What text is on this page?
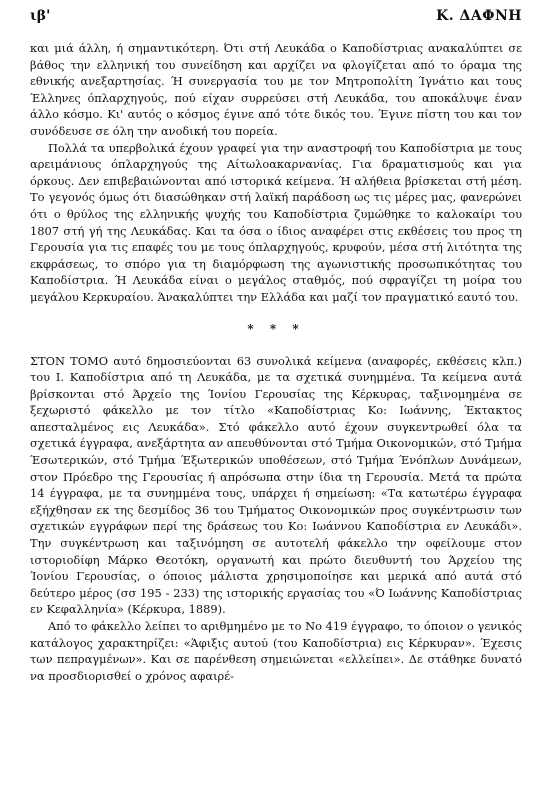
ιβ'	Κ. ΔΑΦΝΗ

και μιά άλλη, ή σημαντικότερη. Ότι στή Λευκάδα ο Καποδίστριας ανακαλύπτει σε βάθος την ελληνική του συνείδηση και αρχίζει να φλογίζεται από το όραμα της εθνικής ανεξαρτησίας. Ή συνεργασία του με τον Μητροπολίτη Ίγνάτιο και τους Έλληνες όπλαρχηγούς, πού είχαν συρρεύσει στή Λευκάδα, του αποκάλυψε έναν άλλο κόσμο. Κι' αυτός ο κόσμος έγινε από τότε δικός του. Έγινε πίστη του και τον συνόδευσε σε όλη την ανοδική του πορεία.

Πολλά τα υπερβολικά έχουν γραφεί για την αναστροφή του Καποδίστρια με τους αρειμάνιους όπλαρχηγούς της Αίτωλοακαρνανίας. Για δραματισμούς και για όρκους. Δεν επιβεβαιώνονται από ιστορικά κείμενα. Ή αλήθεια βρίσκεται στή μέση. Το γεγονός όμως ότι διασώθηκαν στή λαϊκή παράδοση ως τις μέρες μας, φανερώνει ότι ο θρύλος της ελληνικής ψυχής του Καποδίστρια ζυμώθηκε το καλοκαίρι του 1807 στή γή της Λευκάδας. Και τα όσα ο ίδιος αναφέρει στις εκθέσεις του προς τη Γερουσία για τις επαφές του με τους όπλαρχηγούς, κρυφούν, μέσα στή λιτότητα της εκφράσεως, το σπόρο για τη διαμόρφωση της αγωνιστικής προσωπικότητας του Καποδίστρια. Ή Λευκάδα είναι ο μεγάλος σταθμός, πού σφραγίζει τη μοίρα του μεγάλου Κερκυραίου. Άνακαλύπτει την Ελλάδα και μαζί τον πραγματικό εαυτό του.

* * *

ΣΤΟΝ ΤΟΜΟ αυτό δημοσιεύονται 63 συνολικά κείμενα (αναφορές, εκθέσεις κλπ.) του Ι. Καποδίστρια από τη Λευκάδα, με τα σχετικά συνημμένα. Τα κείμενα αυτά βρίσκονται στό Άρχείο της Ίονίου Γερουσίας της Κέρκυρας, ταξινομημένα σε ξεχωριστό φάκελλο με τον τίτλο «Καποδίστριας Κο: Ιωάννης, Έκτακτος απεσταλμένος εις Λευκάδα». Στό φάκελλο αυτό έχουν συγκεντρωθεί όλα τα σχετικά έγγραφα, ανεξάρτητα αν απευθύνονται στό Τμήμα Οικονομικών, στό Τμήμα Έσωτερικών, στό Τμήμα Έξωτερικών υποθέσεων, στό Τμήμα Ένόπλων Δυνάμεων, στον Πρόεδρο της Γερουσίας ή απρόσωπα στην ίδια τη Γερουσία. Μετά τα πρώτα 14 έγγραφα, με τα συνημμένα τους, υπάρχει ή σημείωση: «Τα κατωτέρω έγγραφα εξήχθησαν εκ της δεσμίδος 36 του Τμήματος Οικονομικών προς συγκέντρωσιν των σχετικών εγγράφων περί της δράσεως του Κο: Ιωάννου Καποδίστρια εν Λευκάδι». Την συγκέντρωση και ταξινόμηση σε αυτοτελή φάκελλο την οφείλουμε στον ιστοριοδίφη Μάρκο Θεοτόκη, οργανωτή και πρώτο διευθυντή του Άρχείου της Ίονίου Γερουσίας, ο όποιος μάλιστα χρησιμοποίησε και μερικά από αυτά στό δεύτερο μέρος (σσ 195 - 233) της ιστορικής εργασίας του «Ό Ιωάννης Καποδίστριας εν Κεφαλληνία» (Κέρκυρα, 1889).

Από το φάκελλο λείπει το αριθμημένο με το Νο 419 έγγραφο, το όποιον ο γενικός κατάλογος χαρακτηρίζει: «Άφιξις αυτού (του Καποδίστρια) εις Κέρκυραν». Έχεσις των πεπραγμένων». Και σε παρένθεση σημειώνεται «ελλείπει». Δε στάθηκε δυνατό να προσδιορισθεί ο χρόνος αφαιρέ-
